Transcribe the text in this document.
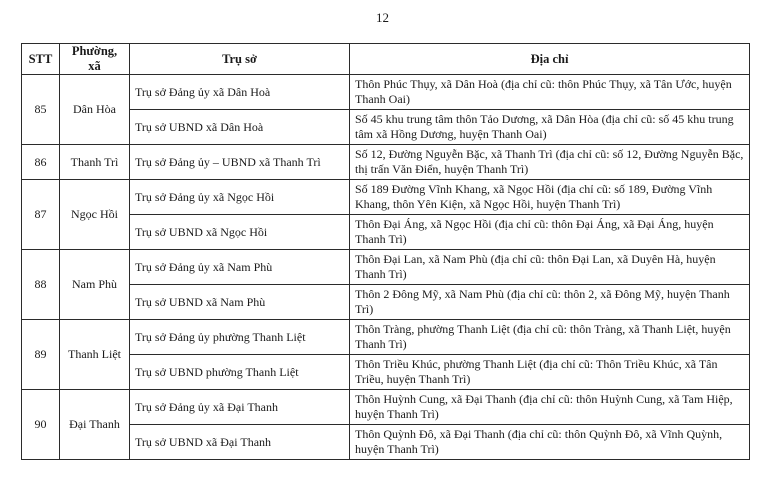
12
STT	Phường, xã	Trụ sở	Địa chỉ
85	Dân Hòa	Trụ sở Đảng ủy xã Dân Hoà	Thôn Phúc Thụy, xã Dân Hoà (địa chỉ cũ: thôn Phúc Thụy, xã Tân Ước, huyện Thanh Oai)
		Trụ sở UBND xã Dân Hoà	Số 45 khu trung tâm thôn Tảo Dương, xã Dân Hòa (địa chỉ cũ: số 45 khu trung tâm xã Hồng Dương, huyện Thanh Oai)
86	Thanh Trì	Trụ sở Đảng ủy – UBND xã Thanh Trì	Số 12, Đường Nguyễn Bặc, xã Thanh Trì (địa chỉ cũ: số 12, Đường Nguyễn Bặc, thị trấn Văn Điển, huyện Thanh Trì)
87	Ngọc Hồi	Trụ sở Đảng ủy xã Ngọc Hồi	Số 189 Đường Vĩnh Khang, xã Ngọc Hồi (địa chỉ cũ: số 189, Đường Vĩnh Khang, thôn Yên Kiện, xã Ngọc Hồi, huyện Thanh Trì)
		Trụ sở UBND xã Ngọc Hồi	Thôn Đại Áng, xã Ngọc Hồi (địa chỉ cũ: thôn Đại Áng, xã Đại Áng, huyện Thanh Trì)
88	Nam Phù	Trụ sở Đảng ủy xã Nam Phù	Thôn Đại Lan, xã Nam Phù (địa chỉ cũ: thôn Đại Lan, xã Duyên Hà, huyện Thanh Trì)
		Trụ sở UBND xã Nam Phù	Thôn 2 Đông Mỹ, xã Nam Phù (địa chỉ cũ: thôn 2, xã Đông Mỹ, huyện Thanh Trì)
89	Thanh Liệt	Trụ sở Đảng ủy phường Thanh Liệt	Thôn Tràng, phường Thanh Liệt (địa chỉ cũ: thôn Tràng, xã Thanh Liệt, huyện Thanh Trì)
		Trụ sở UBND phường Thanh Liệt	Thôn Triều Khúc, phường Thanh Liệt (địa chỉ cũ: Thôn Triều Khúc, xã Tân Triều, huyện Thanh Trì)
90	Đại Thanh	Trụ sở Đảng ủy xã Đại Thanh	Thôn Huỳnh Cung, xã Đại Thanh (địa chỉ cũ: thôn Huỳnh Cung, xã Tam Hiệp, huyện Thanh Trì)
		Trụ sở UBND xã Đại Thanh	Thôn Quỳnh Đô, xã Đại Thanh (địa chỉ cũ: thôn Quỳnh Đô, xã Vĩnh Quỳnh, huyện Thanh Trì)
